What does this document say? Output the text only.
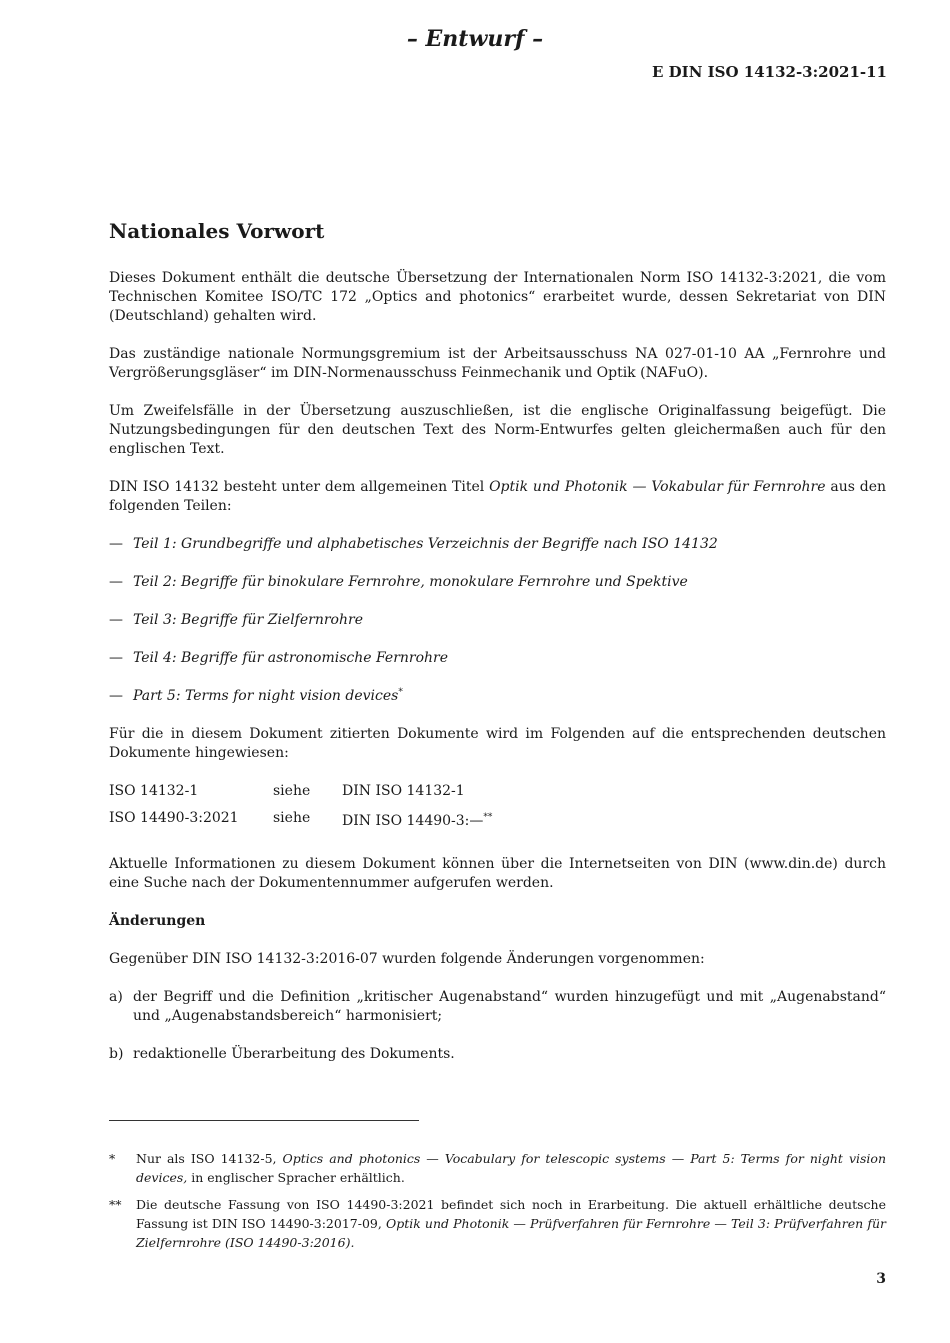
– Entwurf –
E DIN ISO 14132-3:2021-11
Nationales Vorwort

Dieses Dokument enthält die deutsche Übersetzung der Internationalen Norm ISO 14132-3:2021, die vom Technischen Komitee ISO/TC 172 „Optics and photonics“ erarbeitet wurde, dessen Sekretariat von DIN (Deutschland) gehalten wird.

Das zuständige nationale Normungsgremium ist der Arbeitsausschuss NA 027-01-10 AA „Fernrohre und Vergrößerungsgläser“ im DIN-Normenausschuss Feinmechanik und Optik (NAFuO).

Um Zweifelsfälle in der Übersetzung auszuschließen, ist die englische Originalfassung beigefügt. Die Nutzungsbedingungen für den deutschen Text des Norm-Entwurfes gelten gleichermaßen auch für den englischen Text.

DIN ISO 14132 besteht unter dem allgemeinen Titel Optik und Photonik — Vokabular für Fernrohre aus den folgenden Teilen:

— Teil 1: Grundbegriffe und alphabetisches Verzeichnis der Begriffe nach ISO 14132
— Teil 2: Begriffe für binokulare Fernrohre, monokulare Fernrohre und Spektive
— Teil 3: Begriffe für Zielfernrohre
— Teil 4: Begriffe für astronomische Fernrohre
— Part 5: Terms for night vision devices*

Für die in diesem Dokument zitierten Dokumente wird im Folgenden auf die entsprechenden deutschen Dokumente hingewiesen:

ISO 14132-1	siehe	DIN ISO 14132-1
ISO 14490-3:2021	siehe	DIN ISO 14490-3:—**

Aktuelle Informationen zu diesem Dokument können über die Internetseiten von DIN (www.din.de) durch eine Suche nach der Dokumentennummer aufgerufen werden.

Änderungen

Gegenüber DIN ISO 14132-3:2016-07 wurden folgende Änderungen vorgenommen:

a) der Begriff und die Definition „kritischer Augenabstand“ wurden hinzugefügt und mit „Augenabstand“ und „Augenabstandsbereich“ harmonisiert;
b) redaktionelle Überarbeitung des Dokuments.
*	Nur als ISO 14132-5, Optics and photonics — Vocabulary for telescopic systems — Part 5: Terms for night vision devices, in englischer Spracher erhältlich.
**	Die deutsche Fassung von ISO 14490-3:2021 befindet sich noch in Erarbeitung. Die aktuell erhältliche deutsche Fassung ist DIN ISO 14490-3:2017-09, Optik und Photonik — Prüfverfahren für Fernrohre — Teil 3: Prüfverfahren für Zielfernrohre (ISO 14490-3:2016).
3
